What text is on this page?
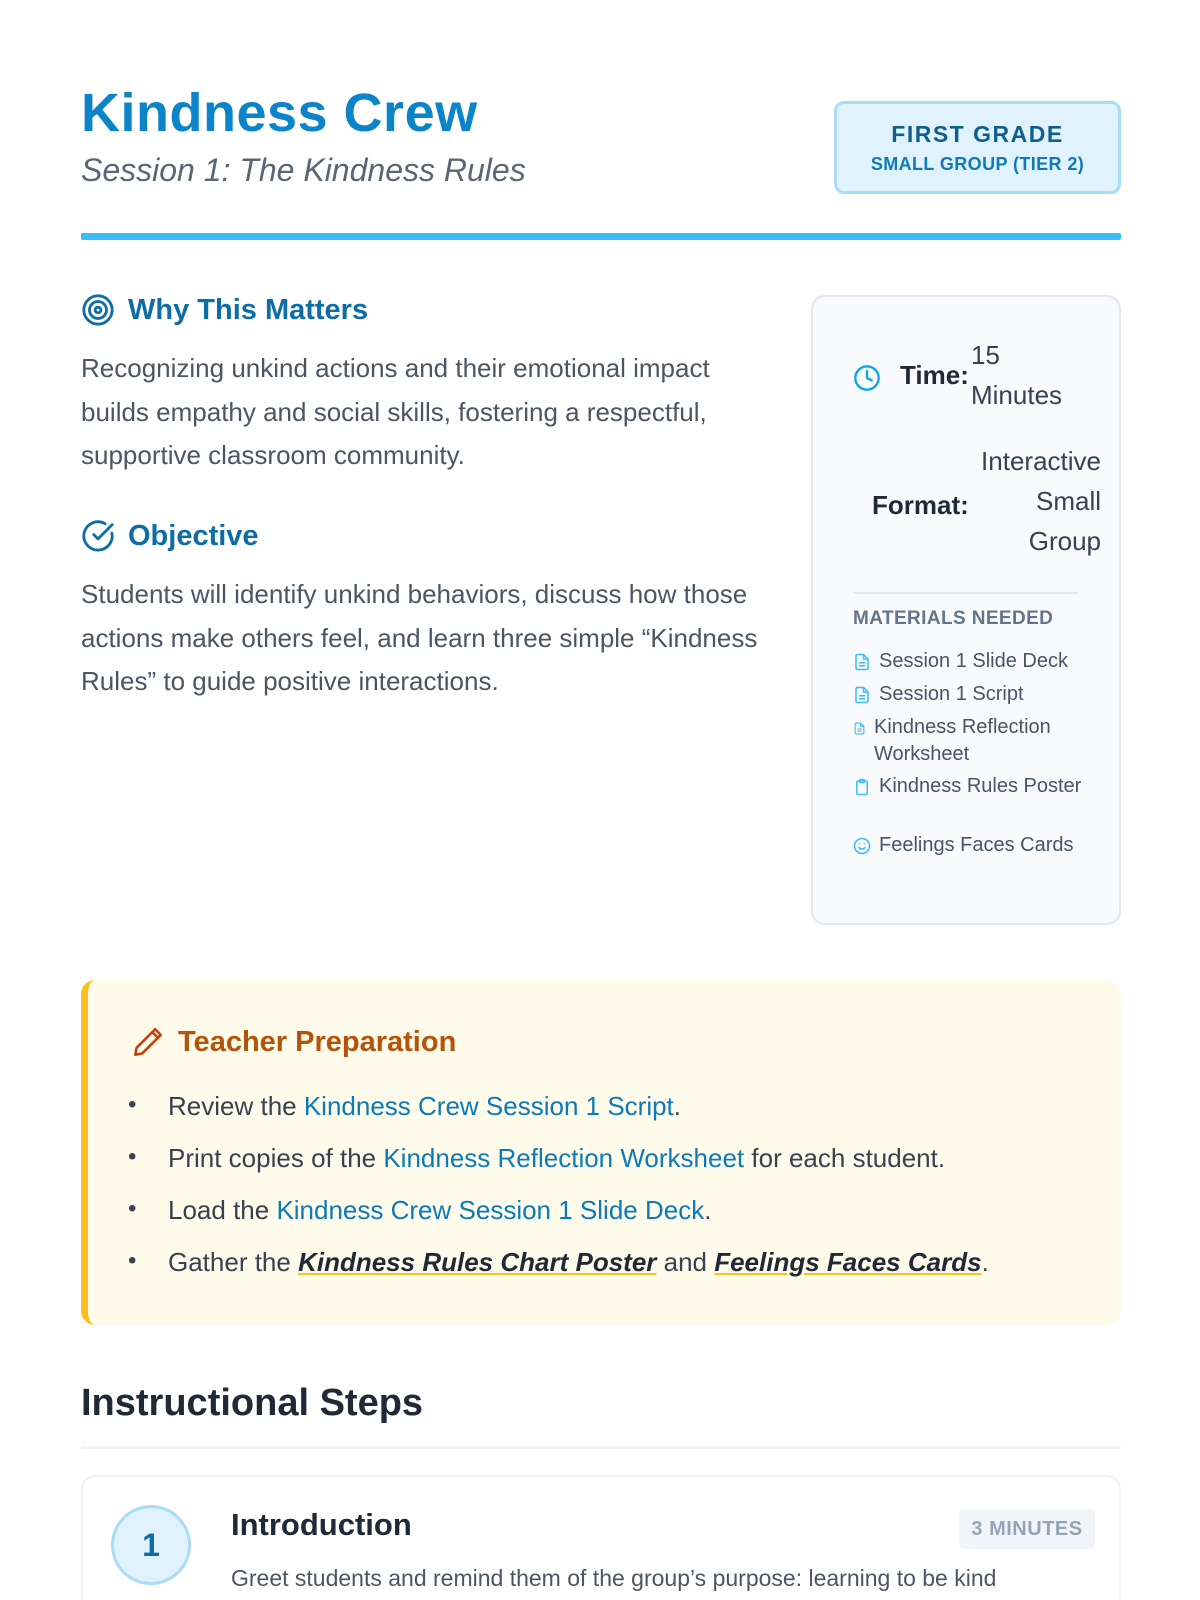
Kindness Crew
Session 1: The Kindness Rules
FIRST GRADE
SMALL GROUP (TIER 2)
Why This Matters
Recognizing unkind actions and their emotional impact builds empathy and social skills, fostering a respectful, supportive classroom community.
Objective
Students will identify unkind behaviors, discuss how those actions make others feel, and learn three simple “Kindness Rules” to guide positive interactions.
Time:
15 Minutes
Format:
Interactive Small Group
MATERIALS NEEDED
Session 1 Slide Deck
Session 1 Script
Kindness Reflection Worksheet
Kindness Rules Poster
Feelings Faces Cards
Teacher Preparation
• Review the Kindness Crew Session 1 Script.
• Print copies of the Kindness Reflection Worksheet for each student.
• Load the Kindness Crew Session 1 Slide Deck.
• Gather the Kindness Rules Chart Poster and Feelings Faces Cards.
Instructional Steps
1
Introduction	3 MINUTES
Greet students and remind them of the group’s purpose: learning to be kind
